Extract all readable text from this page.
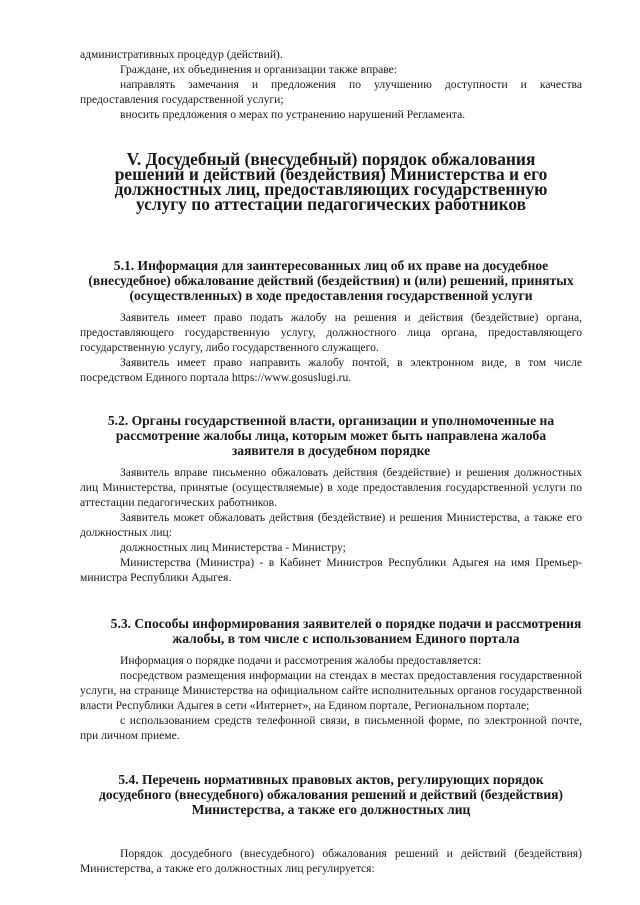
административных процедур (действий).

Граждане, их объединения и организации также вправе:

направлять замечания и предложения по улучшению доступности и качества предоставления государственной услуги;

вносить предложения о мерах по устранению нарушений Регламента.

V. Досудебный (внесудебный) порядок обжалования решений и действий (бездействия) Министерства и его должностных лиц, предоставляющих государственную услугу по аттестации педагогических работников
5.1. Информация для заинтересованных лиц об их праве на досудебное (внесудебное) обжалование действий (бездействия) и (или) решений, принятых (осуществленных) в ходе предоставления государственной услуги

Заявитель имеет право подать жалобу на решения и действия (бездействие) органа, предоставляющего государственную услугу, должностного лица органа, предоставляющего государственную услугу, либо государственного служащего.

Заявитель имеет право направить жалобу почтой, в электронном виде, в том числе посредством Единого портала https://www.gosuslugi.ru.

5.2. Органы государственной власти, организации и уполномоченные на рассмотрение жалобы лица, которым может быть направлена жалоба заявителя в досудебном порядке

Заявитель вправе письменно обжаловать действия (бездействие) и решения должностных лиц Министерства, принятые (осуществляемые) в ходе предоставления государственной услуги по аттестации педагогических работников.

Заявитель может обжаловать действия (бездействие) и решения Министерства, а также его должностных лиц:

должностных лиц Министерства - Министру;

Министерства (Министра) - в Кабинет Министров Республики Адыгея на имя Премьер-министра Республики Адыгея.

5.3. Способы информирования заявителей о порядке подачи и рассмотрения жалобы, в том числе с использованием Единого портала

Информация о порядке подачи и рассмотрения жалобы предоставляется:

посредством размещения информации на стендах в местах предоставления государственной услуги, на странице Министерства на официальном сайте исполнительных органов государственной власти Республики Адыгея в сети «Интернет», на Едином портале, Региональном портале;

с использованием средств телефонной связи, в письменной форме, по электронной почте, при личном приеме.

5.4. Перечень нормативных правовых актов, регулирующих порядок досудебного (внесудебного) обжалования решений и действий (бездействия) Министерства, а также его должностных лиц

Порядок досудебного (внесудебного) обжалования решений и действий (бездействия) Министерства, а также его должностных лиц регулируется:
